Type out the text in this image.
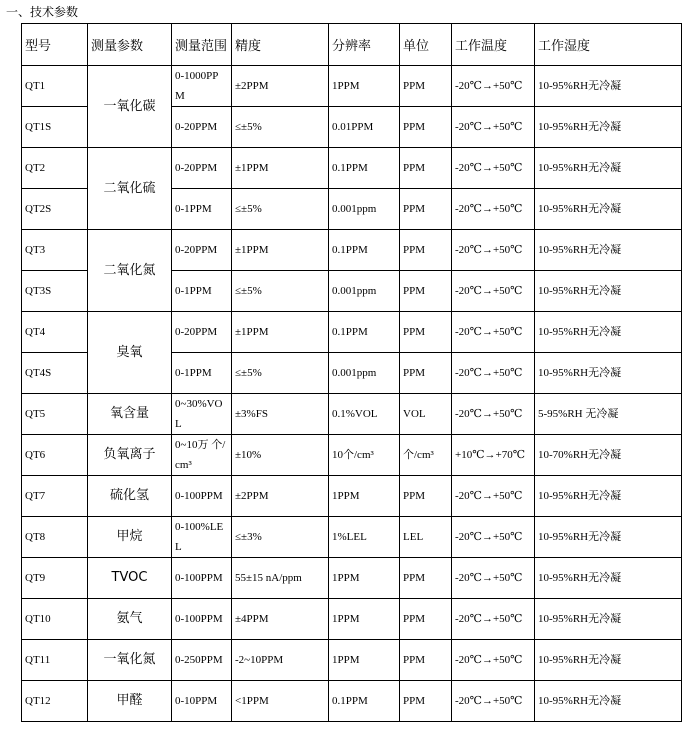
一、技术参数
型号	测量参数	测量范围	精度	分辨率	单位	工作温度	工作湿度
QT1	一氧化碳	0-1000PPM	±2PPM	1PPM	PPM	-20℃→+50℃	10-95%RH无冷凝
QT1S		0-20PPM	≤±5%	0.01PPM	PPM	-20℃→+50℃	10-95%RH无冷凝
QT2	二氧化硫	0-20PPM	±1PPM	0.1PPM	PPM	-20℃→+50℃	10-95%RH无冷凝
QT2S		0-1PPM	≤±5%	0.001ppm	PPM	-20℃→+50℃	10-95%RH无冷凝
QT3	二氧化氮	0-20PPM	±1PPM	0.1PPM	PPM	-20℃→+50℃	10-95%RH无冷凝
QT3S		0-1PPM	≤±5%	0.001ppm	PPM	-20℃→+50℃	10-95%RH无冷凝
QT4	臭氧	0-20PPM	±1PPM	0.1PPM	PPM	-20℃→+50℃	10-95%RH无冷凝
QT4S		0-1PPM	≤±5%	0.001ppm	PPM	-20℃→+50℃	10-95%RH无冷凝
QT5	氧含量	0~30%VOL	±3%FS	0.1%VOL	VOL	-20℃→+50℃	5-95%RH 无冷凝
QT6	负氧离子	0~10万 个/cm³	±10%	10个/cm³	个/cm³	+10℃→+70℃	10-70%RH无冷凝
QT7	硫化氢	0-100PPM	±2PPM	1PPM	PPM	-20℃→+50℃	10-95%RH无冷凝
QT8	甲烷	0-100%LEL	≤±3%	1%LEL	LEL	-20℃→+50℃	10-95%RH无冷凝
QT9	TVOC	0-100PPM	55±15 nA/ppm	1PPM	PPM	-20℃→+50℃	10-95%RH无冷凝
QT10	氨气	0-100PPM	±4PPM	1PPM	PPM	-20℃→+50℃	10-95%RH无冷凝
QT11	一氧化氮	0-250PPM	-2~10PPM	1PPM	PPM	-20℃→+50℃	10-95%RH无冷凝
QT12	甲醛	0-10PPM	<1PPM	0.1PPM	PPM	-20℃→+50℃	10-95%RH无冷凝
